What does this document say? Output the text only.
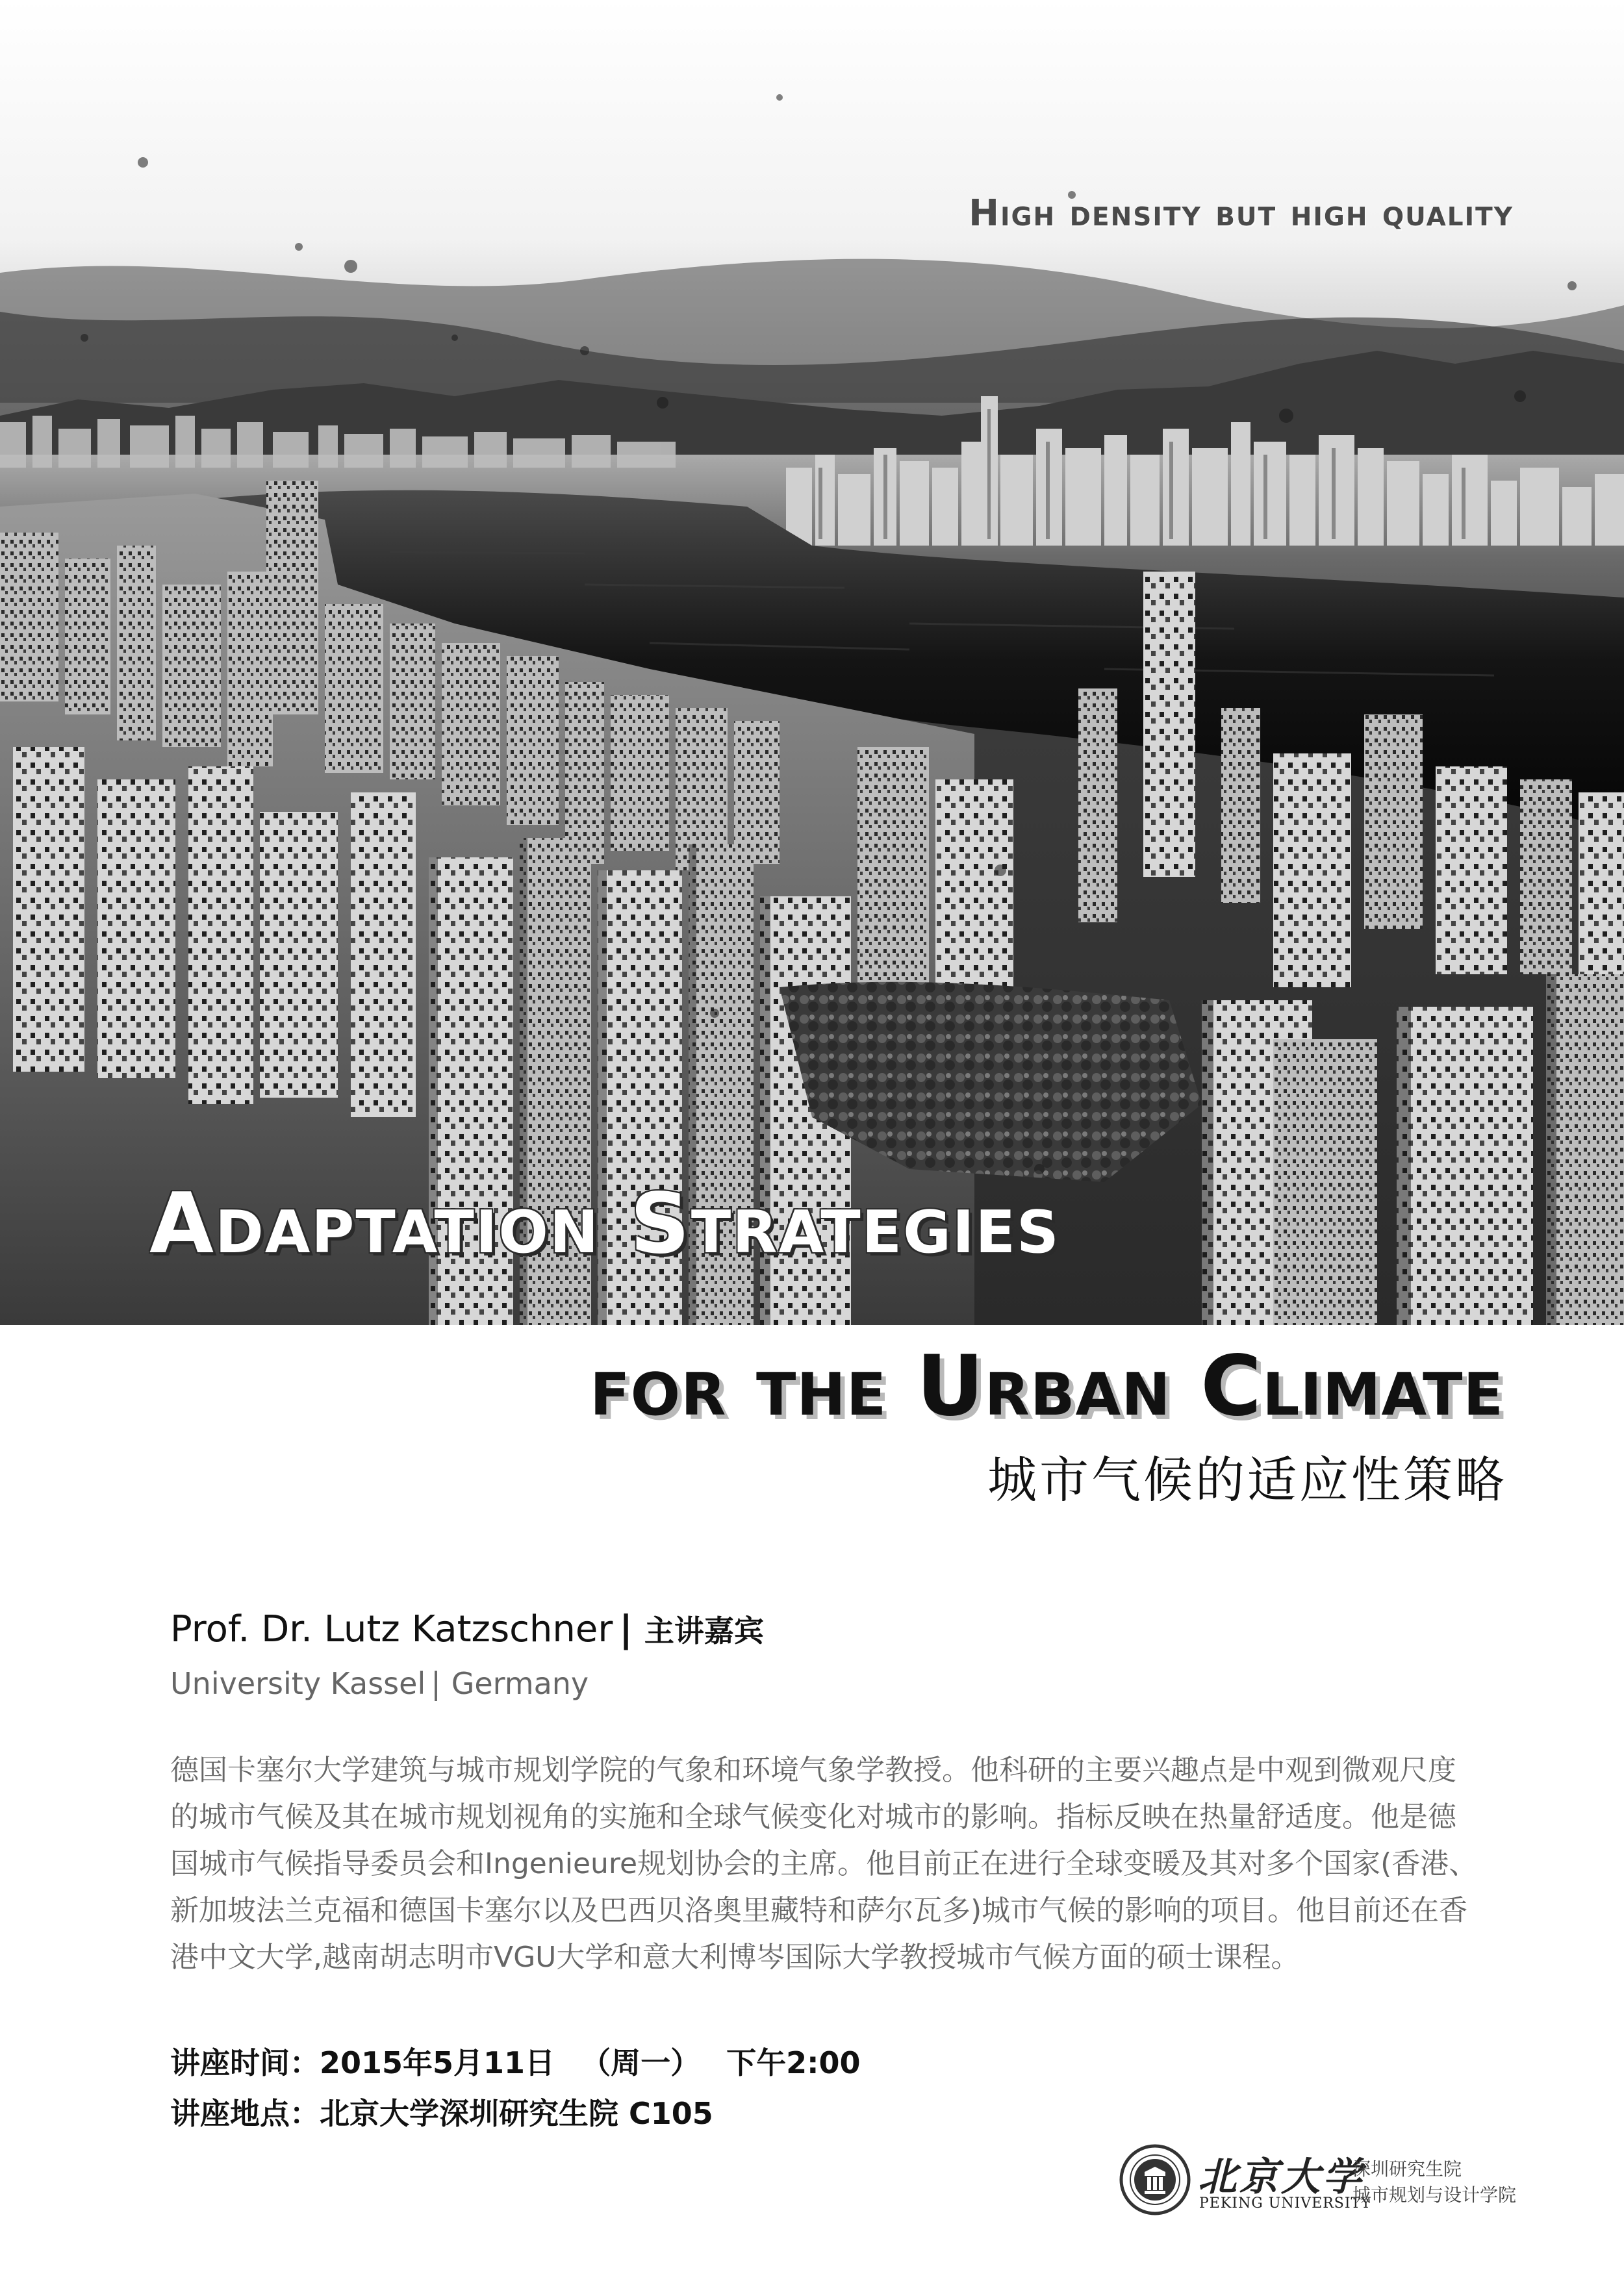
High density but high quality
Adaptation Strategies
for the Urban Climate
城市气候的适应性策略
Prof. Dr. Lutz Katzschner | 主讲嘉宾
University Kassel | Germany
德国卡塞尔大学建筑与城市规划学院的气象和环境气象学教授。他科研的主要兴趣点是中观到微观尺度的城市气候及其在城市规划视角的实施和全球气候变化对城市的影响。指标反映在热量舒适度。他是德国城市气候指导委员会和Ingenieure规划协会的主席。他目前正在进行全球变暖及其对多个国家(香港、新加坡法兰克福和德国卡塞尔以及巴西贝洛奥里藏特和萨尔瓦多)城市气候的影响的项目。他目前还在香港中文大学,越南胡志明市VGU大学和意大利博岑国际大学教授城市气候方面的硕士课程。
讲座时间：2015年5月11日 （周一） 下午2:00
讲座地点：北京大学深圳研究生院 C105
北京大学
PEKING UNIVERSITY
深圳研究生院
城市规划与设计学院
